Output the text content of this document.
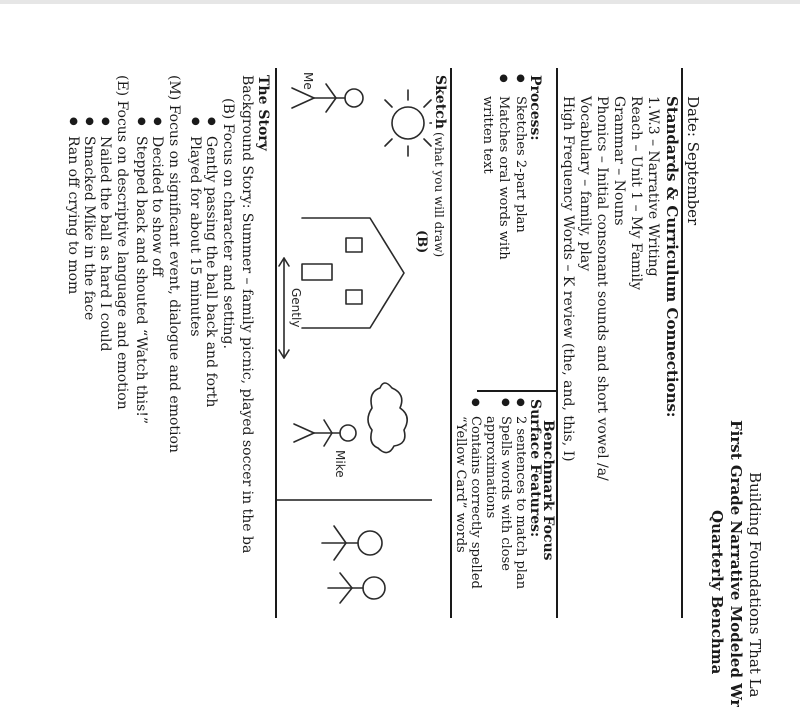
Building Foundations That La
First Grade Narrative Modeled Wr
Quarterly Benchma
Date: September
Standards & Curriculum Connections:
1.W.3 – Narrative Writing
Reach – Unit 1 – My Family
Grammar – Nouns
Phonics – Initial consonant sounds and short vowel /a/
Vocabulary – family, play
High Frequency Words – K review (the, and, this, I)
Benchmark Focus
Process:
●
Sketches 2-part plan
●
Matches oral words with
written text
Surface Features:
●
2 sentences to match plan
●
Spells words with close
approximations
●
Contains correctly spelled
“Yellow Card” words
Sketch
(what you will draw)
(B)
Me
Gently
Mike
The Story
Background Story: Summer – family picnic, played soccer in the ba
(B) Focus on character and setting.
●
Gently passing the ball back and forth
●
Played for about 15 minutes
(M) Focus on significant event, dialogue and emotion
●
Decided to show off
●
Stepped back and shouted “Watch this!”
(E) Focus on descriptive language and emotion
●
Nailed the ball as hard I could
●
Smacked Mike in the face
●
Ran off crying to mom
